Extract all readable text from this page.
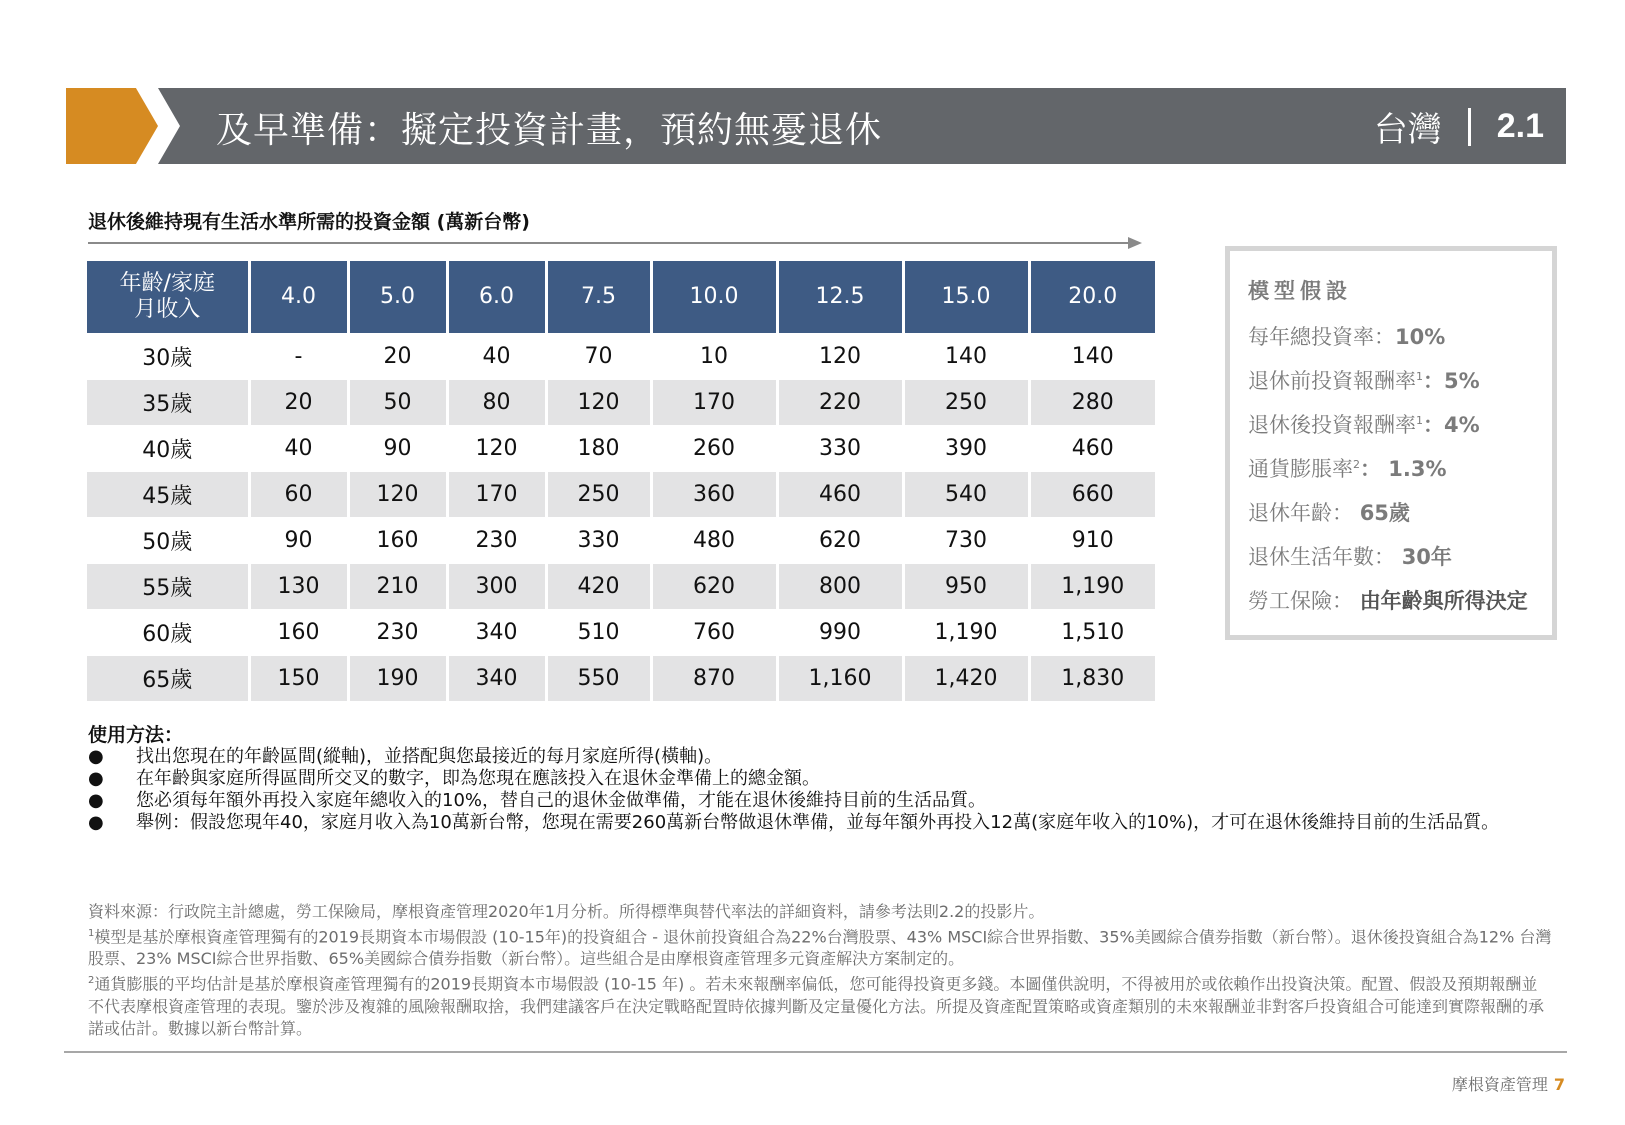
及早準備：擬定投資計畫，預約無憂退休	台灣 2.1
退休後維持現有生活水準所需的投資金額 (萬新台幣)
年齡/家庭
月收入	4.0	5.0	6.0	7.5	10.0	12.5	15.0	20.0
30歲	-	20	40	70	10	120	140	140
35歲	20	50	80	120	170	220	250	280
40歲	40	90	120	180	260	330	390	460
45歲	60	120	170	250	360	460	540	660
50歲	90	160	230	330	480	620	730	910
55歲	130	210	300	420	620	800	950	1,190
60歲	160	230	340	510	760	990	1,190	1,510
65歲	150	190	340	550	870	1,160	1,420	1,830
模型假設
每年總投資率：10%
退休前投資報酬率$^1$：5%
退休後投資報酬率$^1$：4%
通貨膨脹率$^2$： 1.3%
退休年齡： 65歲
退休生活年數： 30年
勞工保險： 由年齡與所得決定
使用方法：
● 找出您現在的年齡區間(縱軸)，並搭配與您最接近的每月家庭所得(橫軸)。
● 在年齡與家庭所得區間所交叉的數字，即為您現在應該投入在退休金準備上的總金額。
● 您必須每年額外再投入家庭年總收入的10%，替自己的退休金做準備，才能在退休後維持目前的生活品質。
● 舉例：假設您現年40，家庭月收入為10萬新台幣，您現在需要260萬新台幣做退休準備，並每年額外再投入12萬(家庭年收入的10%)，才可在退休後維持目前的生活品質。

資料來源：行政院主計總處，勞工保險局，摩根資產管理2020年1月分析。所得標準與替代率法的詳細資料，請參考法則2.2的投影片。

$^1$模型是基於摩根資產管理獨有的2019長期資本市場假設 (10-15年)的投資組合 - 退休前投資組合為22%台灣股票、43% MSCI綜合世界指數、35%美國綜合債券指數（新台幣）。退休後投資組合為12% 台灣股票、23% MSCI綜合世界指數、65%美國綜合債券指數（新台幣）。這些組合是由摩根資產管理多元資產解決方案制定的。

$^2$通貨膨脹的平均估計是基於摩根資產管理獨有的2019長期資本市場假設 (10-15 年) 。若未來報酬率偏低，您可能得投資更多錢。本圖僅供說明，不得被用於或依賴作出投資決策。配置、假設及預期報酬並不代表摩根資產管理的表現。鑒於涉及複雜的風險報酬取捨，我們建議客戶在決定戰略配置時依據判斷及定量優化方法。所提及資產配置策略或資產類別的未來報酬並非對客戶投資組合可能達到實際報酬的承諾或估計。數據以新台幣計算。

摩根資產管理 7
